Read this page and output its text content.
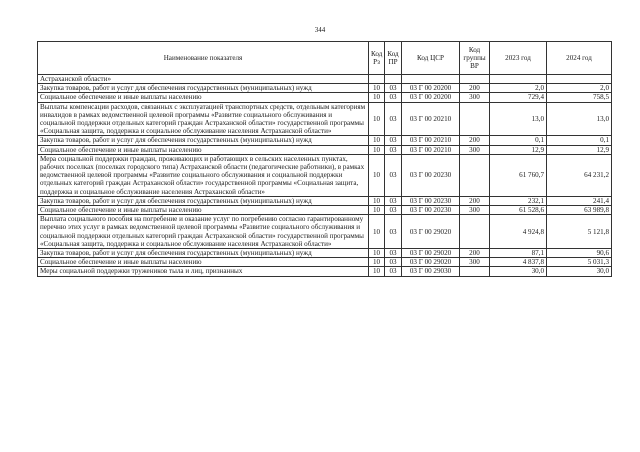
344
Наименование показателя	Код Рз	Код ПР	Код ЦСР	Код группы ВР	2023 год	2024 год
Астраханской области»						
Закупка товаров, работ и услуг для обеспечения государственных (муниципальных) нужд	10	03	03 Г 00 20200	200	2,0	2,0
Социальное обеспечение и иные выплаты населению	10	03	03 Г 00 20200	300	729,4	758,5
Выплаты компенсации расходов, связанных с эксплуатацией транспортных средств, отдельным категориям инвалидов в рамках ведомственной целевой программы «Развитие социального обслуживания и социальной поддержки отдельных категорий граждан Астраханской области» государственной программы «Социальная защита, поддержка и социальное обслуживание населения Астраханской области»	10	03	03 Г 00 20210		13,0	13,0
Закупка товаров, работ и услуг для обеспечения государственных (муниципальных) нужд	10	03	03 Г 00 20210	200	0,1	0,1
Социальное обеспечение и иные выплаты населению	10	03	03 Г 00 20210	300	12,9	12,9
Мера социальной поддержки граждан, проживающих и работающих в сельских населенных пунктах, рабочих поселках (поселках городского типа) Астраханской области (педагогические работники), в рамках ведомственной целевой программы «Развитие социального обслуживания и социальной поддержки отдельных категорий граждан Астраханской области» государственной программы «Социальная защита, поддержка и социальное обслуживание населения Астраханской области»	10	03	03 Г 00 20230		61 760,7	64 231,2
Закупка товаров, работ и услуг для обеспечения государственных (муниципальных) нужд	10	03	03 Г 00 20230	200	232,1	241,4
Социальное обеспечение и иные выплаты населению	10	03	03 Г 00 20230	300	61 528,6	63 989,8
Выплата социального пособия на погребение и оказание услуг по погребению согласно гарантированному перечню этих услуг в рамках ведомственной целевой программы «Развитие социального обслуживания и социальной поддержки отдельных категорий граждан Астраханской области» государственной программы «Социальная защита, поддержка и социальное обслуживание населения Астраханской области»	10	03	03 Г 00 29020		4 924,8	5 121,8
Закупка товаров, работ и услуг для обеспечения государственных (муниципальных) нужд	10	03	03 Г 00 29020	200	87,1	90,6
Социальное обеспечение и иные выплаты населению	10	03	03 Г 00 29020	300	4 837,8	5 031,3
Меры социальной поддержки тружеников тыла и лиц, признанных	10	03	03 Г 00 29030		30,0	30,0
